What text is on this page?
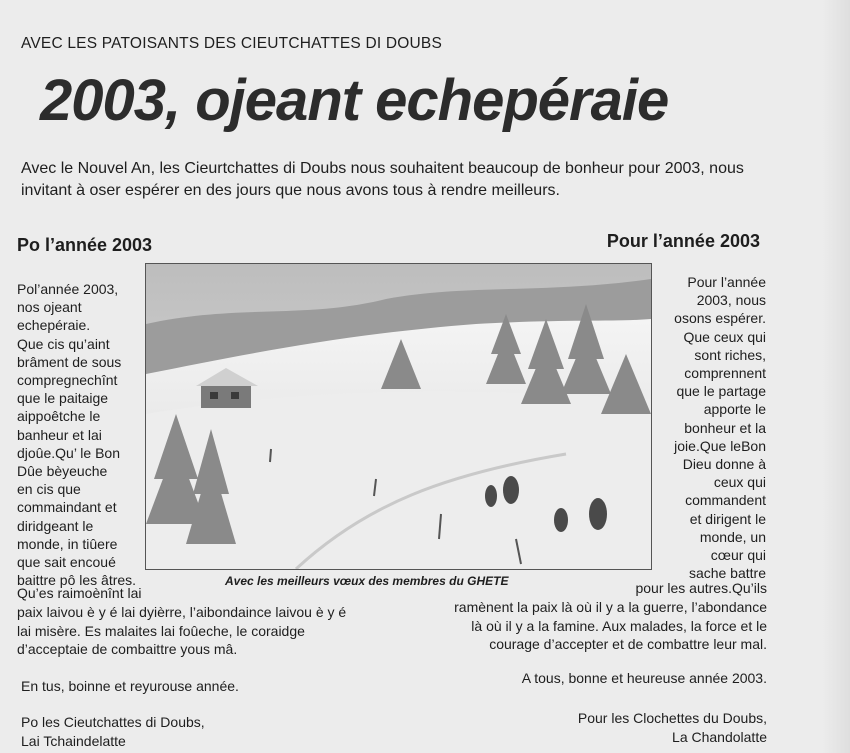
AVEC LES PATOISANTS DES CIEUTCHATTES DI DOUBS
2003, ojeant echepéraie
Avec le Nouvel An, les Cieurtchattes di Doubs nous souhaitent beaucoup de bonheur pour 2003, nous invitant à oser espérer en des jours que nous avons tous à rendre meilleurs.
Po l’année 2003	Pour l’année 2003
Avec les meilleurs vœux des membres du GHETE
Pol’année 2003,
nos ojeant
echepéraie.
Que cis qu’aint
brâment de sous
compregnechînt
que le paitaige
aippoêtche le
banheur et lai
djoûe.Qu’ le Bon
Dûe bèyeuche
en cis que
commaindant et
diridgeant le
monde, in tiûere
que sait encoué
baittre pô les âtres.
Pour l’année
2003, nous
osons espérer.
Que ceux qui
sont riches,
comprennent
que le partage
apporte le
bonheur et la
joie.Que leBon
Dieu donne à
ceux qui
commandent
et dirigent le
monde, un
cœur qui
sache battre
Qu’es raimoènînt lai
paix laivou è y é lai dyièrre, l’aibondaince laivou è y é
lai misère. Es malaites lai foûeche, le coraidge
d’acceptaie de combaittre yous mâ.
pour les autres.Qu’ils
ramènent la paix là où il y a la guerre, l’abondance
là où il y a la famine. Aux malades, la force et le
courage d’accepter et de combattre leur mal.
En tus, boinne et reyurouse année.	A tous, bonne et heureuse année 2003.
Po les Cieutchattes di Doubs,
Lai Tchaindelatte
Pour les Clochettes du Doubs,
La Chandolatte
